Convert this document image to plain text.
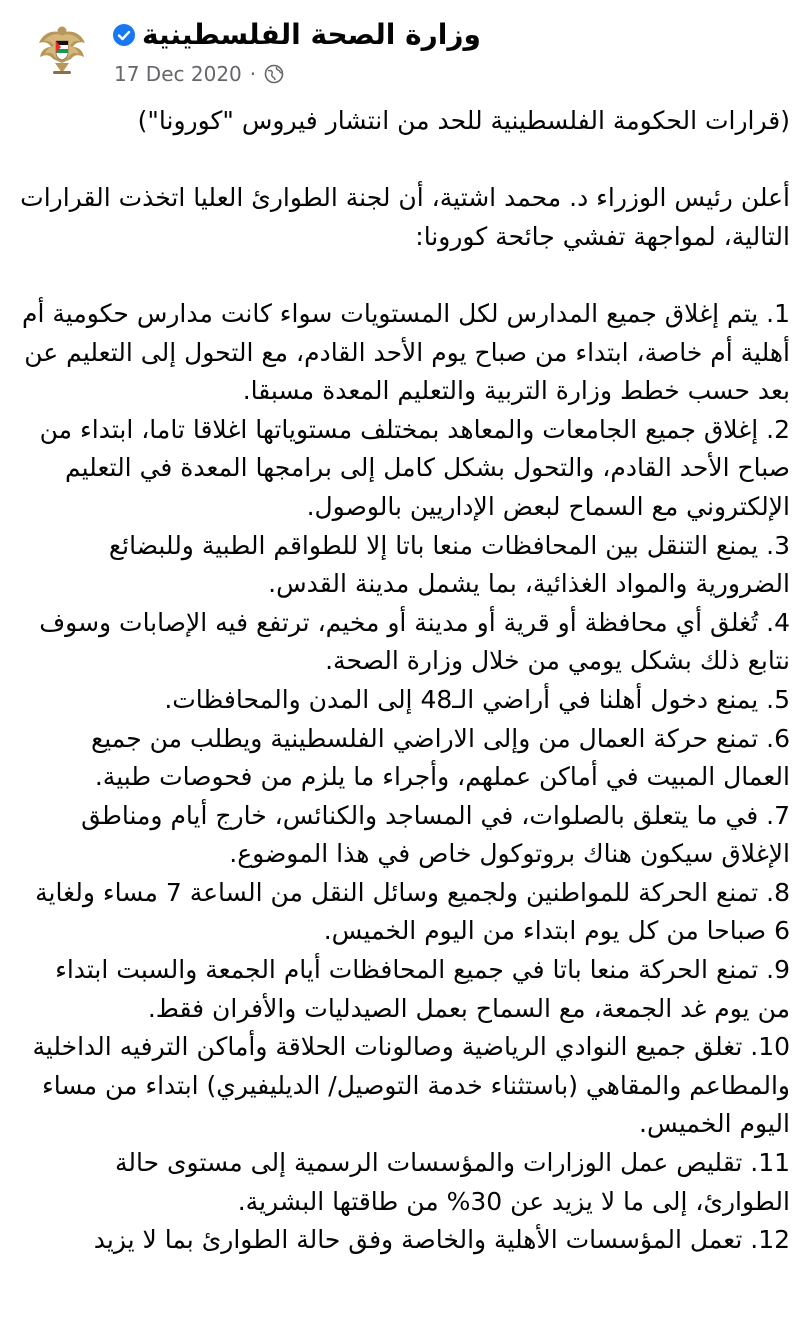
وزارة الصحة الفلسطينية
17 Dec 2020 ·

(قرارات الحكومة الفلسطينية للحد من انتشار فيروس "كورونا")

أعلن رئيس الوزراء د. محمد اشتية، أن لجنة الطوارئ العليا اتخذت القرارات التالية، لمواجهة تفشي جائحة كورونا:

1. يتم إغلاق جميع المدارس لكل المستويات سواء كانت مدارس حكومية أم أهلية أم خاصة، ابتداء من صباح يوم الأحد القادم، مع التحول إلى التعليم عن بعد حسب خطط وزارة التربية والتعليم المعدة مسبقا.

2. إغلاق جميع الجامعات والمعاهد بمختلف مستوياتها اغلاقا تاما، ابتداء من صباح الأحد القادم، والتحول بشكل كامل إلى برامجها المعدة في التعليم الإلكتروني مع السماح لبعض الإداريين بالوصول.

3. يمنع التنقل بين المحافظات منعا باتا إلا للطواقم الطبية وللبضائع الضرورية والمواد الغذائية، بما يشمل مدينة القدس.

4. تُغلق أي محافظة أو قرية أو مدينة أو مخيم، ترتفع فيه الإصابات وسوف نتابع ذلك بشكل يومي من خلال وزارة الصحة.

5. يمنع دخول أهلنا في أراضي الـ48 إلى المدن والمحافظات.

6. تمنع حركة العمال من وإلى الاراضي الفلسطينية ويطلب من جميع العمال المبيت في أماكن عملهم، وأجراء ما يلزم من فحوصات طبية.

7. في ما يتعلق بالصلوات، في المساجد والكنائس، خارج أيام ومناطق الإغلاق سيكون هناك بروتوكول خاص في هذا الموضوع.

8. تمنع الحركة للمواطنين ولجميع وسائل النقل من الساعة 7 مساء ولغاية 6 صباحا من كل يوم ابتداء من اليوم الخميس.

9. تمنع الحركة منعا باتا في جميع المحافظات أيام الجمعة والسبت ابتداء من يوم غد الجمعة، مع السماح بعمل الصيدليات والأفران فقط.

10. تغلق جميع النوادي الرياضية وصالونات الحلاقة وأماكن الترفيه الداخلية والمطاعم والمقاهي (باستثناء خدمة التوصيل/ الديليفيري) ابتداء من مساء اليوم الخميس.

11. تقليص عمل الوزارات والمؤسسات الرسمية إلى مستوى حالة الطوارئ، إلى ما لا يزيد عن 30% من طاقتها البشرية.

12. تعمل المؤسسات الأهلية والخاصة وفق حالة الطوارئ بما لا يزيد
